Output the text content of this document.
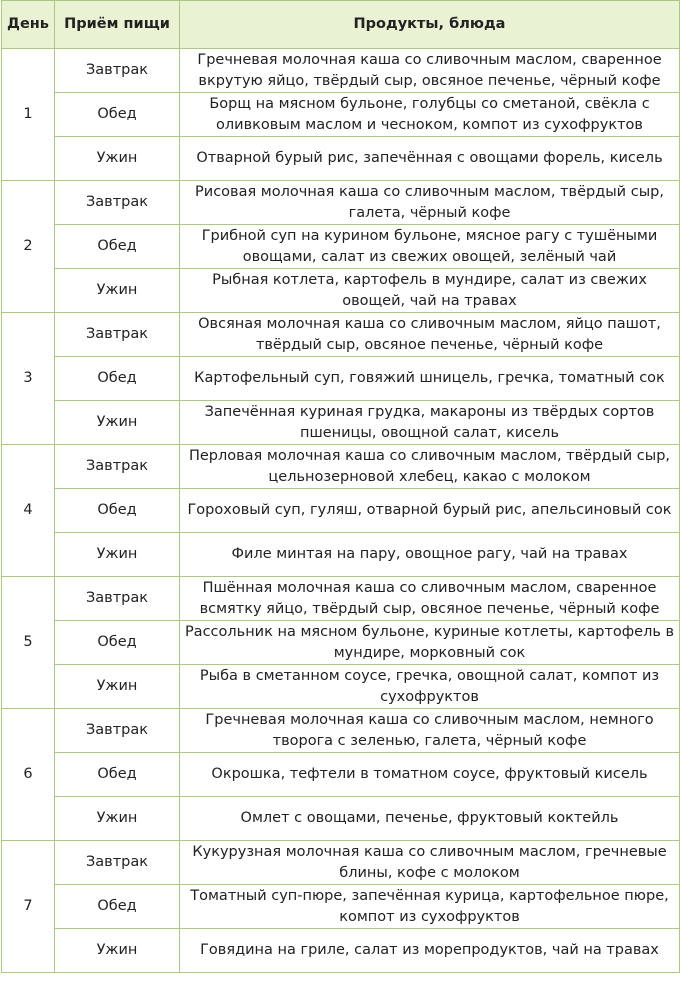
День	Приём пищи	Продукты, блюда
1	Завтрак	Гречневая молочная каша со сливочным маслом, сваренное вкрутую яйцо, твёрдый сыр, овсяное печенье, чёрный кофе
	Обед	Борщ на мясном бульоне, голубцы со сметаной, свёкла с оливковым маслом и чесноком, компот из сухофруктов
	Ужин	Отварной бурый рис, запечённая с овощами форель, кисель
2	Завтрак	Рисовая молочная каша со сливочным маслом, твёрдый сыр, галета, чёрный кофе
	Обед	Грибной суп на курином бульоне, мясное рагу с тушёными овощами, салат из свежих овощей, зелёный чай
	Ужин	Рыбная котлета, картофель в мундире, салат из свежих овощей, чай на травах
3	Завтрак	Овсяная молочная каша со сливочным маслом, яйцо пашот, твёрдый сыр, овсяное печенье, чёрный кофе
	Обед	Картофельный суп, говяжий шницель, гречка, томатный сок
	Ужин	Запечённая куриная грудка, макароны из твёрдых сортов пшеницы, овощной салат, кисель
4	Завтрак	Перловая молочная каша со сливочным маслом, твёрдый сыр, цельнозерновой хлебец, какао с молоком
	Обед	Гороховый суп, гуляш, отварной бурый рис, апельсиновый сок
	Ужин	Филе минтая на пару, овощное рагу, чай на травах
5	Завтрак	Пшённая молочная каша со сливочным маслом, сваренное всмятку яйцо, твёрдый сыр, овсяное печенье, чёрный кофе
	Обед	Рассольник на мясном бульоне, куриные котлеты, картофель в мундире, морковный сок
	Ужин	Рыба в сметанном соусе, гречка, овощной салат, компот из сухофруктов
6	Завтрак	Гречневая молочная каша со сливочным маслом, немного творога с зеленью, галета, чёрный кофе
	Обед	Окрошка, тефтели в томатном соусе, фруктовый кисель
	Ужин	Омлет с овощами, печенье, фруктовый коктейль
7	Завтрак	Кукурузная молочная каша со сливочным маслом, гречневые блины, кофе с молоком
	Обед	Томатный суп-пюре, запечённая курица, картофельное пюре, компот из сухофруктов
	Ужин	Говядина на гриле, салат из морепродуктов, чай на травах
